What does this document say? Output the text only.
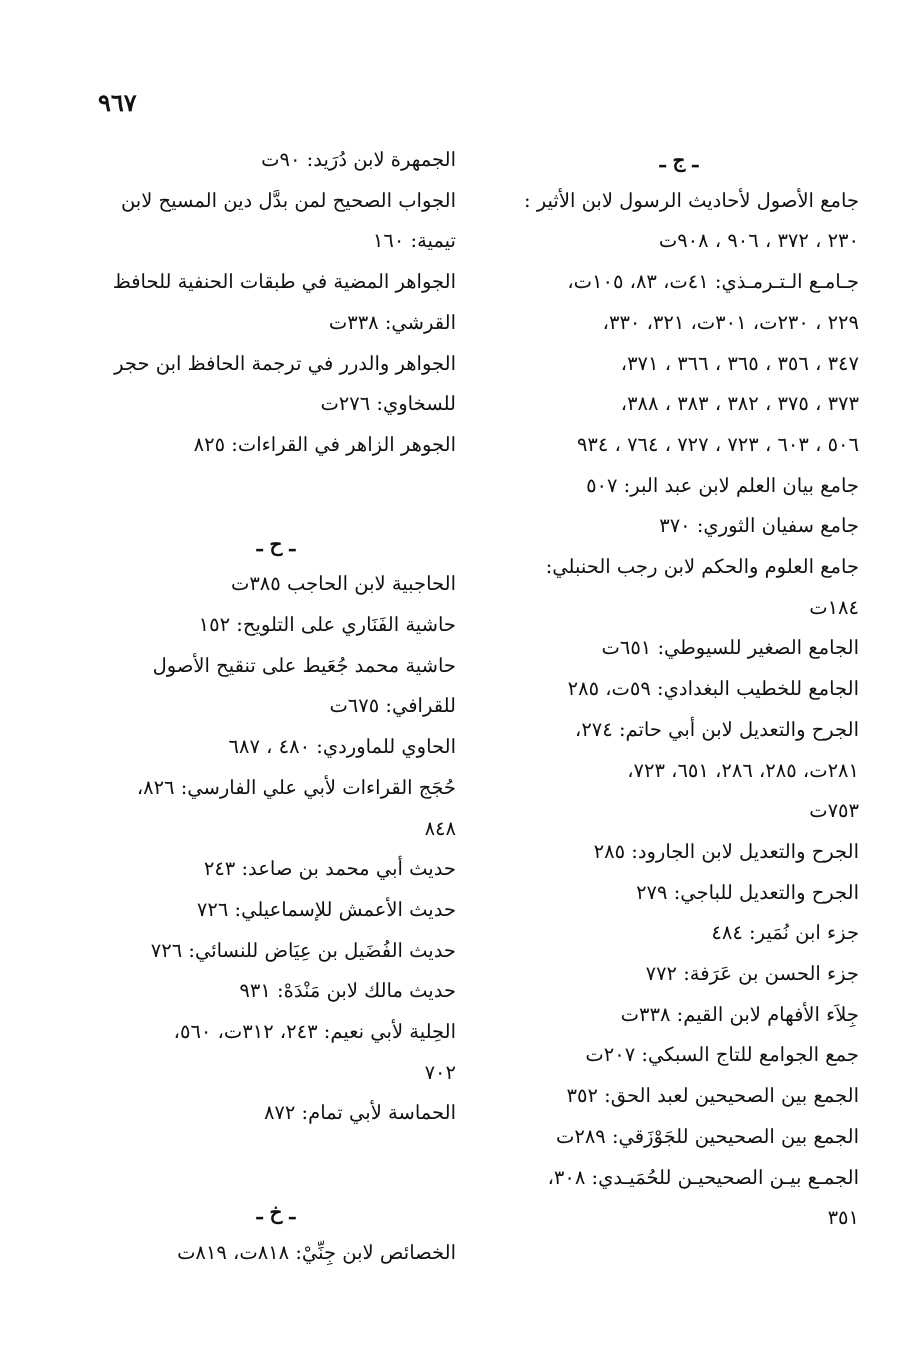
٩٦٧

ـ ج ـ

جامع الأصول لأحاديث الرسول لابن الأثير :

٢٣٠ ، ٣٧٢ ، ٩٠٦ ، ٩٠٨ت

جـامـع الـتـرمـذي: ٤١ت، ٨٣، ١٠٥ت،

٢٢٩ ، ٢٣٠ت، ٣٠١ت، ٣٢١، ٣٣٠،

٣٤٧ ، ٣٥٦ ، ٣٦٥ ، ٣٦٦ ، ٣٧١،

٣٧٣ ، ٣٧٥ ، ٣٨٢ ، ٣٨٣ ، ٣٨٨،

٥٠٦ ، ٦٠٣ ، ٧٢٣ ، ٧٢٧ ، ٧٦٤ ، ٩٣٤

جامع بيان العلم لابن عبد البر: ٥٠٧

جامع سفيان الثوري: ٣٧٠

جامع العلوم والحكم لابن رجب الحنبلي:

١٨٤ت

الجامع الصغير للسيوطي: ٦٥١ت

الجامع للخطيب البغدادي: ٥٩ت، ٢٨٥

الجرح والتعديل لابن أبي حاتم: ٢٧٤،

٢٨١ت، ٢٨٥، ٢٨٦، ٦٥١، ٧٢٣،

٧٥٣ت

الجرح والتعديل لابن الجارود: ٢٨٥

الجرح والتعديل للباجي: ٢٧٩

جزء ابن نُمَير: ٤٨٤

جزء الحسن بن عَرَفة: ٧٧٢

جِلاَء الأفهام لابن القيم: ٣٣٨ت

جمع الجوامع للتاج السبكي: ٢٠٧ت

الجمع بين الصحيحين لعبد الحق: ٣٥٢

الجمع بين الصحيحين للجَوْزَقي: ٢٨٩ت

الجمـع بيـن الصحيحيـن للحُمَيـدي: ٣٠٨،

٣٥١

الجمهرة لابن دُرَيد: ٩٠ت

الجواب الصحيح لمن بدَّل دين المسيح لابن

تيمية: ١٦٠

الجواهر المضية في طبقات الحنفية للحافظ

القرشي: ٣٣٨ت

الجواهر والدرر في ترجمة الحافظ ابن حجر

للسخاوي: ٢٧٦ت

الجوهر الزاهر في القراءات: ٨٢٥

ـ ح ـ

الحاجبية لابن الحاجب ٣٨٥ت

حاشية الفَنَاري على التلويح: ١٥٢

حاشية محمد جُعَيط على تنقيح الأصول

للقرافي: ٦٧٥ت

الحاوي للماوردي: ٤٨٠ ، ٦٨٧

حُجَج القراءات لأبي علي الفارسي: ٨٢٦،

٨٤٨

حديث أبي محمد بن صاعد: ٢٤٣

حديث الأعمش للإسماعيلي: ٧٢٦

حديث الفُضَيل بن عِيَاض للنسائي: ٧٢٦

حديث مالك لابن مَنْدَهْ: ٩٣١

الحِلية لأبي نعيم: ٢٤٣، ٣١٢ت، ٥٦٠،

٧٠٢

الحماسة لأبي تمام: ٨٧٢

ـ خ ـ

الخصائص لابن جِنِّيْ: ٨١٨ت، ٨١٩ت
